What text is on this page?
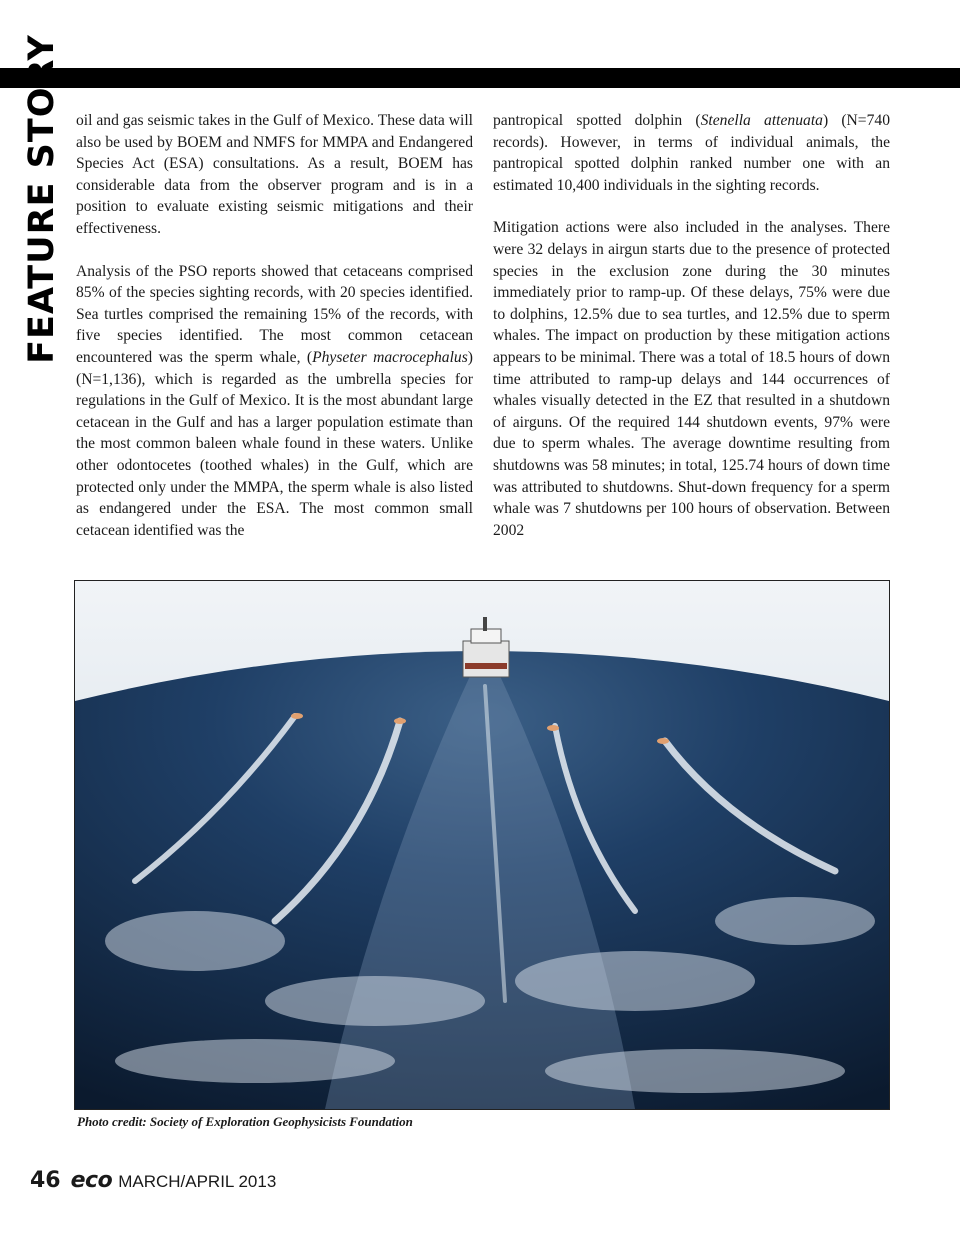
FEATURE STORY oil and gas seismic takes in the Gulf of Mexico. These data will also be used by BOEM and NMFS for MMPA and Endangered Species Act (ESA) consultations. As a result, BOEM has considerable data from the observer program and is in a position to evaluate existing seismic mitigations and their effectiveness.

Analysis of the PSO reports showed that cetaceans comprised 85% of the species sighting records, with 20 species identified. Sea turtles comprised the remaining 15% of the records, with five species identified. The most common cetacean encountered was the sperm whale, (Physeter macrocephalus) (N=1,136), which is regarded as the umbrella species for regulations in the Gulf of Mexico. It is the most abundant large cetacean in the Gulf and has a larger population estimate than the most common baleen whale found in these waters. Unlike other odontocetes (toothed whales) in the Gulf, which are protected only under the MMPA, the sperm whale is also listed as endangered under the ESA. The most common small cetacean identified was the

pantropical spotted dolphin (Stenella attenuata) (N=740 records). However, in terms of individual animals, the pantropical spotted dolphin ranked number one with an estimated 10,400 individuals in the sighting records.

Mitigation actions were also included in the analyses. There were 32 delays in airgun starts due to the presence of protected species in the exclusion zone during the 30 minutes immediately prior to ramp-up. Of these delays, 75% were due to dolphins, 12.5% due to sea turtles, and 12.5% due to sperm whales. The impact on production by these mitigation actions appears to be minimal. There was a total of 18.5 hours of down time attributed to ramp-up delays and 144 occurrences of whales visually detected in the EZ that resulted in a shutdown of airguns. Of the required 144 shutdown events, 97% were due to sperm whales. The average downtime resulting from shutdowns was 58 minutes; in total, 125.74 hours of down time was attributed to shutdowns. Shut-down frequency for a sperm whale was 7 shutdowns per 100 hours of observation. Between 2002

Photo credit: Society of Exploration Geophysicists Foundation
46 eco MARCH/APRIL 2013
